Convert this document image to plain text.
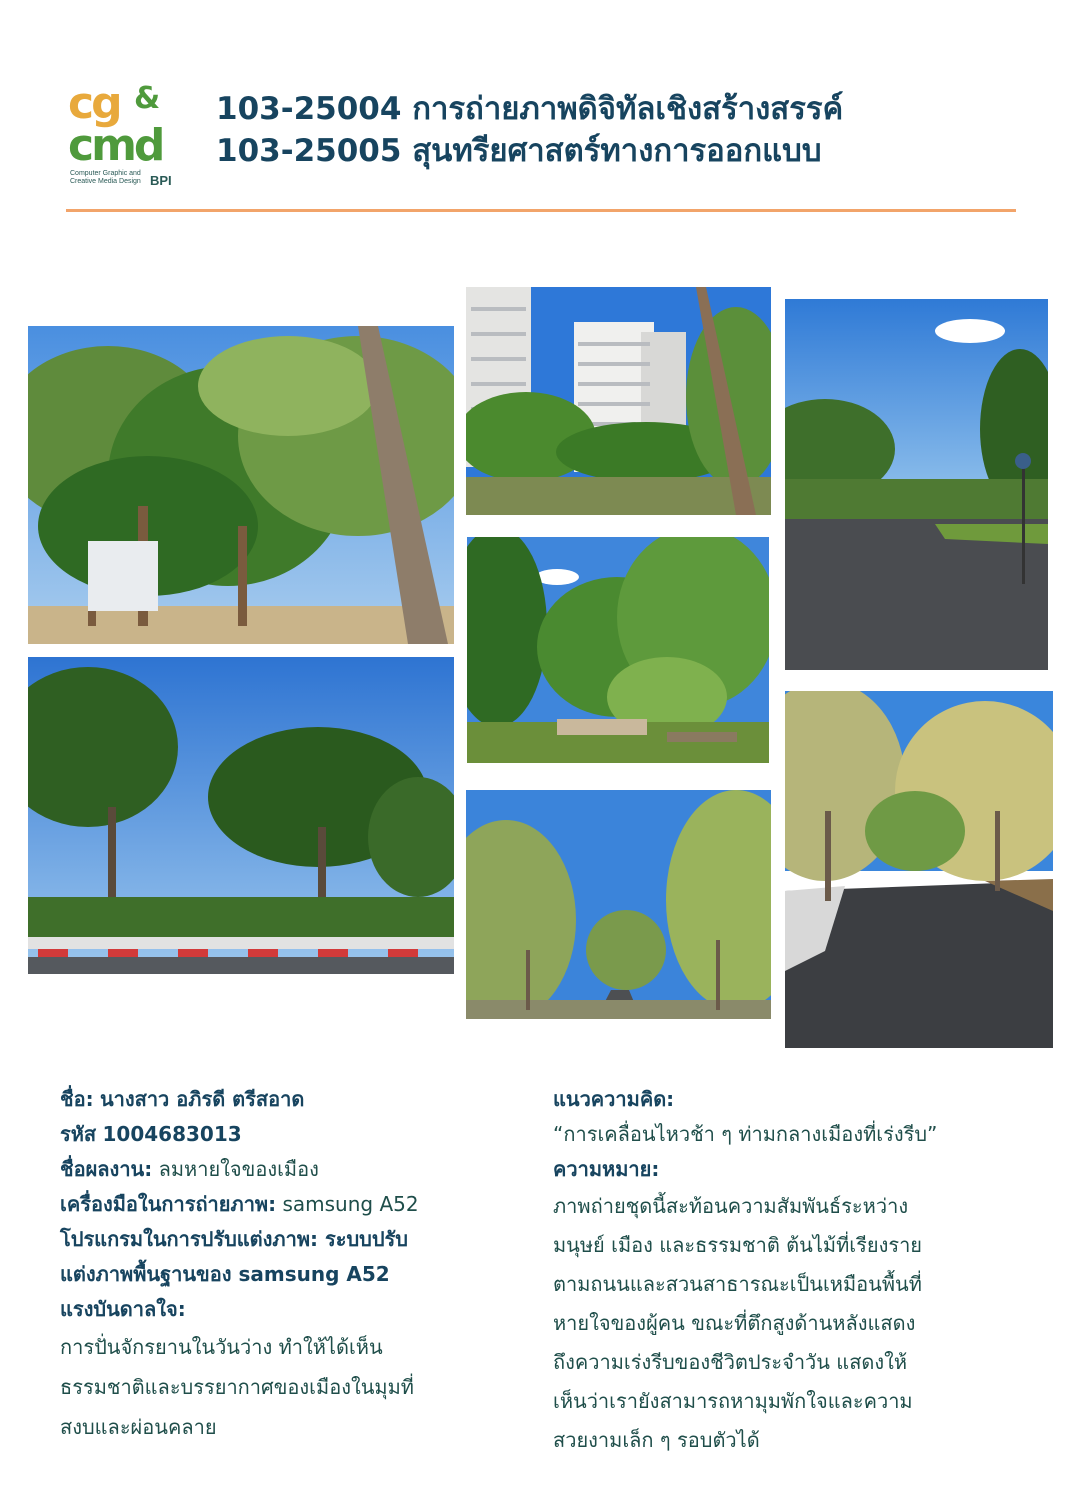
cg &
cmd
Computer Graphic and Creative Media Design BPI
103-25004 การถ่ายภาพดิจิทัลเชิงสร้างสรรค์
103-25005 สุนทรียศาสตร์ทางการออกแบบ
ชื่อ: นางสาว อภิรดี ตรีสอาด
รหัส 1004683013
ชื่อผลงาน: ลมหายใจของเมือง
เครื่องมือในการถ่ายภาพ: samsung A52
โปรแกรมในการปรับแต่งภาพ: ระบบปรับ
แต่งภาพพื้นฐานของ samsung A52
แรงบันดาลใจ:
การปั่นจักรยานในวันว่าง ทำให้ได้เห็น
ธรรมชาติและบรรยากาศของเมืองในมุมที่
สงบและผ่อนคลาย
แนวความคิด:
“การเคลื่อนไหวช้า ๆ ท่ามกลางเมืองที่เร่งรีบ”
ความหมาย:
ภาพถ่ายชุดนี้สะท้อนความสัมพันธ์ระหว่าง
มนุษย์ เมือง และธรรมชาติ ต้นไม้ที่เรียงราย
ตามถนนและสวนสาธารณะเป็นเหมือนพื้นที่
หายใจของผู้คน ขณะที่ตึกสูงด้านหลังแสดง
ถึงความเร่งรีบของชีวิตประจำวัน แสดงให้
เห็นว่าเรายังสามารถหามุมพักใจและความ
สวยงามเล็ก ๆ รอบตัวได้
